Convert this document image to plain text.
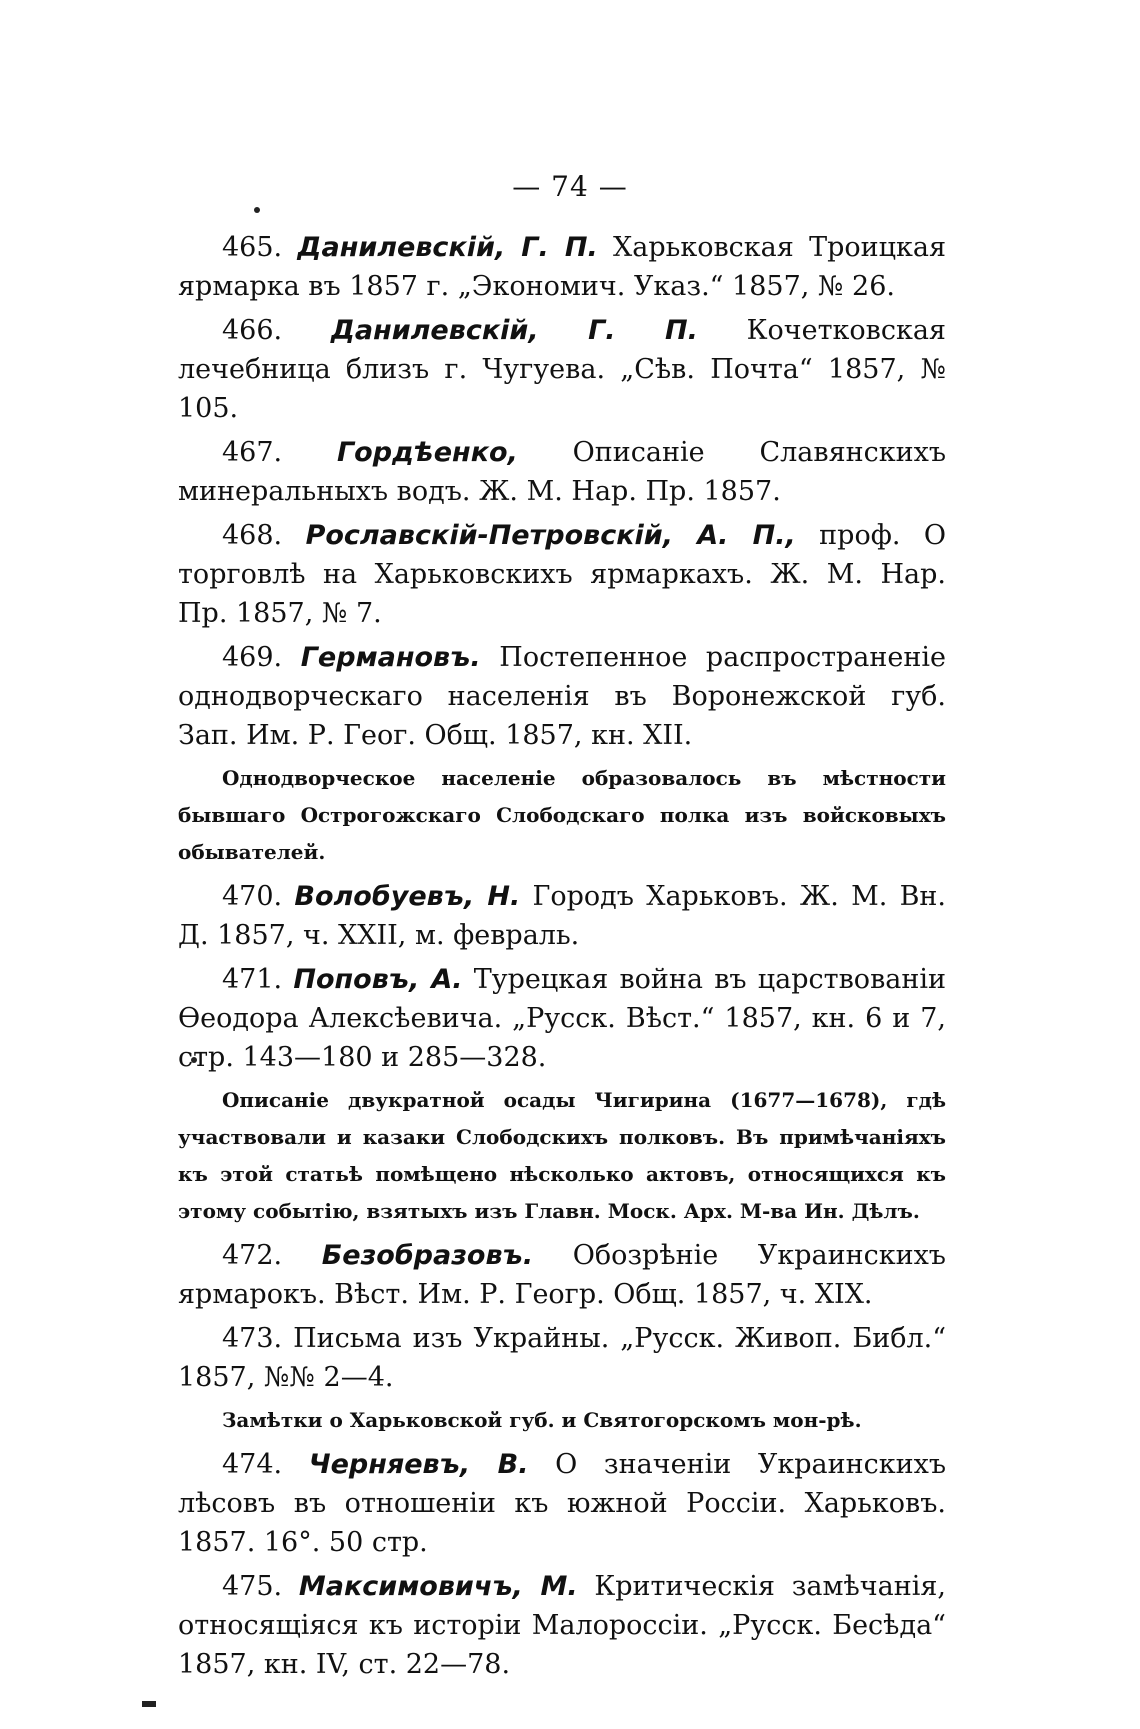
— 74 —

465. Данилевскій, Г. П. Харьковская Троицкая ярмарка въ 1857 г. „Экономич. Указ.“ 1857, № 26.

466. Данилевскій, Г. П. Кочетковская лечебница близъ г. Чугуева. „Сѣв. Почта“ 1857, № 105.

467. Гордѣенко, Описаніе Славянскихъ минеральныхъ водъ. Ж. М. Нар. Пр. 1857.

468. Рославскій-Петровскій, А. П., проф. О торговлѣ на Харьковскихъ ярмаркахъ. Ж. М. Нар. Пр. 1857, № 7.

469. Германовъ. Постепенное распространеніе однодворческаго населенія въ Воронежской губ. Зап. Им. Р. Геог. Общ. 1857, кн. XII.

Однодворческое населеніе образовалось въ мѣстности бывшаго Острогожскаго Слободскаго полка изъ войсковыхъ обывателей.

470. Волобуевъ, Н. Городъ Харьковъ. Ж. М. Вн. Д. 1857, ч. XXII, м. февраль.

471. Поповъ, А. Турецкая война въ царствованіи Өеодора Алексѣевича. „Русск. Вѣст.“ 1857, кн. 6 и 7, стр. 143—180 и 285—328.

Описаніе двукратной осады Чигирина (1677—1678), гдѣ участвовали и казаки Слободскихъ полковъ. Въ примѣчаніяхъ къ этой статьѣ помѣщено нѣсколько актовъ, относящихся къ этому событію, взятыхъ изъ Главн. Моск. Арх. М-ва Ин. Дѣлъ.

472. Безобразовъ. Обозрѣніе Украинскихъ ярмарокъ. Вѣст. Им. Р. Геогр. Общ. 1857, ч. XIX.

473. Письма изъ Украйны. „Русск. Живоп. Библ.“ 1857, №№ 2—4.

Замѣтки о Харьковской губ. и Святогорскомъ мон-рѣ.

474. Черняевъ, В. О значеніи Украинскихъ лѣсовъ въ отношеніи къ южной Россіи. Харьковъ. 1857. 16°. 50 стр.

475. Максимовичъ, М. Критическія замѣчанія, относящіяся къ исторіи Малороссіи. „Русск. Бесѣда“ 1857, кн. IV, ст. 22—78.
